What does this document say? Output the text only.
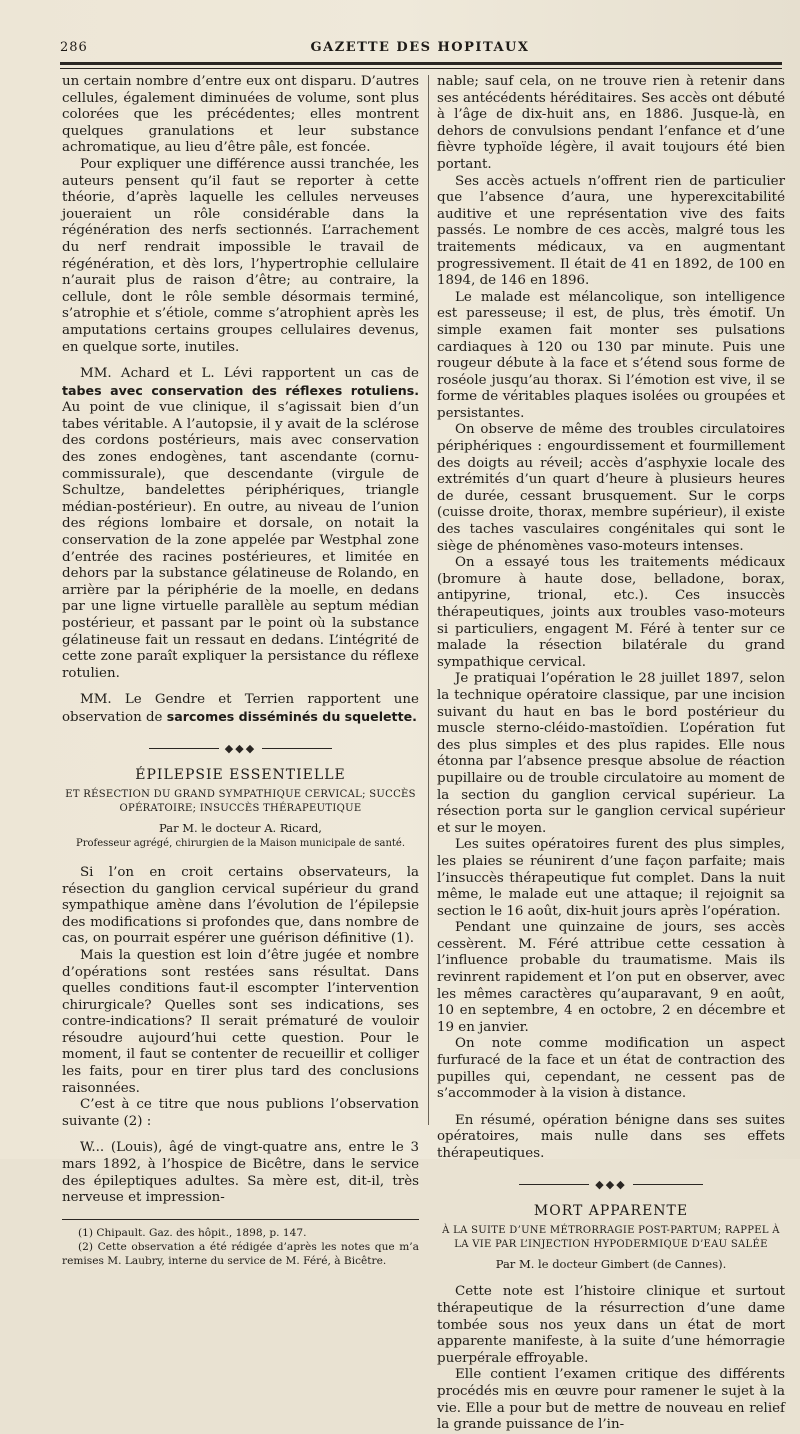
286	GAZETTE DES HOPITAUX

un certain nombre d’entre eux ont disparu. D’autres cellules, également diminuées de volume, sont plus colorées que les précédentes; elles montrent quelques granulations et leur substance achromatique, au lieu d’être pâle, est foncée.

Pour expliquer une différence aussi tranchée, les auteurs pensent qu’il faut se reporter à cette théorie, d’après laquelle les cellules nerveuses joueraient un rôle considérable dans la régénération des nerfs sectionnés. L’arrachement du nerf rendrait impossible le travail de régénération, et dès lors, l’hypertrophie cellulaire n’aurait plus de raison d’être; au contraire, la cellule, dont le rôle semble désormais terminé, s’atrophie et s’étiole, comme s’atrophient après les amputations certains groupes cellulaires devenus, en quelque sorte, inutiles.

MM. Achard et L. Lévi rapportent un cas de tabes avec conservation des réflexes rotuliens. Au point de vue clinique, il s’agissait bien d’un tabes véritable. A l’autopsie, il y avait de la sclérose des cordons postérieurs, mais avec conservation des zones endogènes, tant ascendante (cornu-commissurale), que descendante (virgule de Schultze, bandelettes périphériques, triangle médian-postérieur). En outre, au niveau de l’union des régions lombaire et dorsale, on notait la conservation de la zone appelée par Westphal zone d’entrée des racines postérieures, et limitée en dehors par la substance gélatineuse de Rolando, en arrière par la périphérie de la moelle, en dedans par une ligne virtuelle parallèle au septum médian postérieur, et passant par le point où la substance gélatineuse fait un ressaut en dedans. L’intégrité de cette zone paraît expliquer la persistance du réflexe rotulien.

MM. Le Gendre et Terrien rapportent une observation de sarcomes disséminés du squelette.

◆◆◆
ÉPILEPSIE ESSENTIELLE
ET RÉSECTION DU GRAND SYMPATHIQUE CERVICAL; SUCCÈS OPÉRATOIRE; INSUCCÈS THÉRAPEUTIQUE
Par M. le docteur A. Ricard,
Professeur agrégé, chirurgien de la Maison municipale de santé.

Si l’on en croit certains observateurs, la résection du ganglion cervical supérieur du grand sympathique amène dans l’évolution de l’épilepsie des modifications si profondes que, dans nombre de cas, on pourrait espérer une guérison définitive (1).

Mais la question est loin d’être jugée et nombre d’opérations sont restées sans résultat. Dans quelles conditions faut-il escompter l’intervention chirurgicale? Quelles sont ses indications, ses contre-indications? Il serait prématuré de vouloir résoudre aujourd’hui cette question. Pour le moment, il faut se contenter de recueillir et colliger les faits, pour en tirer plus tard des conclusions raisonnées.

C’est à ce titre que nous publions l’observation suivante (2) :

W... (Louis), âgé de vingt-quatre ans, entre le 3 mars 1892, à l’hospice de Bicêtre, dans le service des épileptiques adultes. Sa mère est, dit-il, très nerveuse et impression-

(1) Chipault. Gaz. des hôpit., 1898, p. 147.

(2) Cette observation a été rédigée d’après les notes que m’a remises M. Laubry, interne du service de M. Féré, à Bicêtre.

nable; sauf cela, on ne trouve rien à retenir dans ses antécédents héréditaires. Ses accès ont débuté à l’âge de dix-huit ans, en 1886. Jusque-là, en dehors de convulsions pendant l’enfance et d’une fièvre typhoïde légère, il avait toujours été bien portant.

Ses accès actuels n’offrent rien de particulier que l’absence d’aura, une hyperexcitabilité auditive et une représentation vive des faits passés. Le nombre de ces accès, malgré tous les traitements médicaux, va en augmentant progressivement. Il était de 41 en 1892, de 100 en 1894, de 146 en 1896.

Le malade est mélancolique, son intelligence est paresseuse; il est, de plus, très émotif. Un simple examen fait monter ses pulsations cardiaques à 120 ou 130 par minute. Puis une rougeur débute à la face et s’étend sous forme de roséole jusqu’au thorax. Si l’émotion est vive, il se forme de véritables plaques isolées ou groupées et persistantes.

On observe de même des troubles circulatoires périphériques : engourdissement et fourmillement des doigts au réveil; accès d’asphyxie locale des extrémités d’un quart d’heure à plusieurs heures de durée, cessant brusquement. Sur le corps (cuisse droite, thorax, membre supérieur), il existe des taches vasculaires congénitales qui sont le siège de phénomènes vaso-moteurs intenses.

On a essayé tous les traitements médicaux (bromure à haute dose, belladone, borax, antipyrine, trional, etc.). Ces insuccès thérapeutiques, joints aux troubles vaso-moteurs si particuliers, engagent M. Féré à tenter sur ce malade la résection bilatérale du grand sympathique cervical.

Je pratiquai l’opération le 28 juillet 1897, selon la technique opératoire classique, par une incision suivant du haut en bas le bord postérieur du muscle sterno-cléido-mastoïdien. L’opération fut des plus simples et des plus rapides. Elle nous étonna par l’absence presque absolue de réaction pupillaire ou de trouble circulatoire au moment de la section du ganglion cervical supérieur. La résection porta sur le ganglion cervical supérieur et sur le moyen.

Les suites opératoires furent des plus simples, les plaies se réunirent d’une façon parfaite; mais l’insuccès thérapeutique fut complet. Dans la nuit même, le malade eut une attaque; il rejoignit sa section le 16 août, dix-huit jours après l’opération.

Pendant une quinzaine de jours, ses accès cessèrent. M. Féré attribue cette cessation à l’influence probable du traumatisme. Mais ils revinrent rapidement et l’on put en observer, avec les mêmes caractères qu’auparavant, 9 en août, 10 en septembre, 4 en octobre, 2 en décembre et 19 en janvier.

On note comme modification un aspect furfuracé de la face et un état de contraction des pupilles qui, cependant, ne cessent pas de s’accommoder à la vision à distance.

En résumé, opération bénigne dans ses suites opératoires, mais nulle dans ses effets thérapeutiques.

◆◆◆
MORT APPARENTE
À LA SUITE D’UNE MÉTRORRAGIE POST-PARTUM; RAPPEL À LA VIE PAR L’INJECTION HYPODERMIQUE D’EAU SALÉE
Par M. le docteur Gimbert (de Cannes).

Cette note est l’histoire clinique et surtout thérapeutique de la résurrection d’une dame tombée sous nos yeux dans un état de mort apparente manifeste, à la suite d’une hémorragie puerpérale effroyable.

Elle contient l’examen critique des différents procédés mis en œuvre pour ramener le sujet à la vie. Elle a pour but de mettre de nouveau en relief la grande puissance de l’in-
